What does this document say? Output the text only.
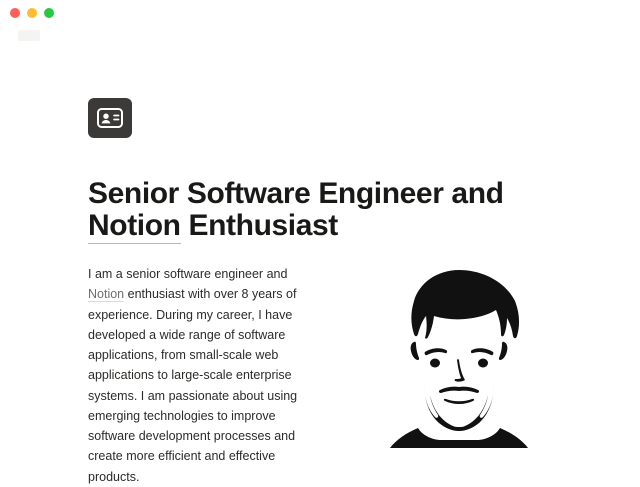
Senior Software Engineer and Notion Enthusiast

I am a senior software engineer and Notion enthusiast with over 8 years of experience. During my career, I have developed a wide range of software applications, from small-scale web applications to large-scale enterprise systems. I am passionate about using emerging technologies to improve software development processes and create more efficient and effective products.
